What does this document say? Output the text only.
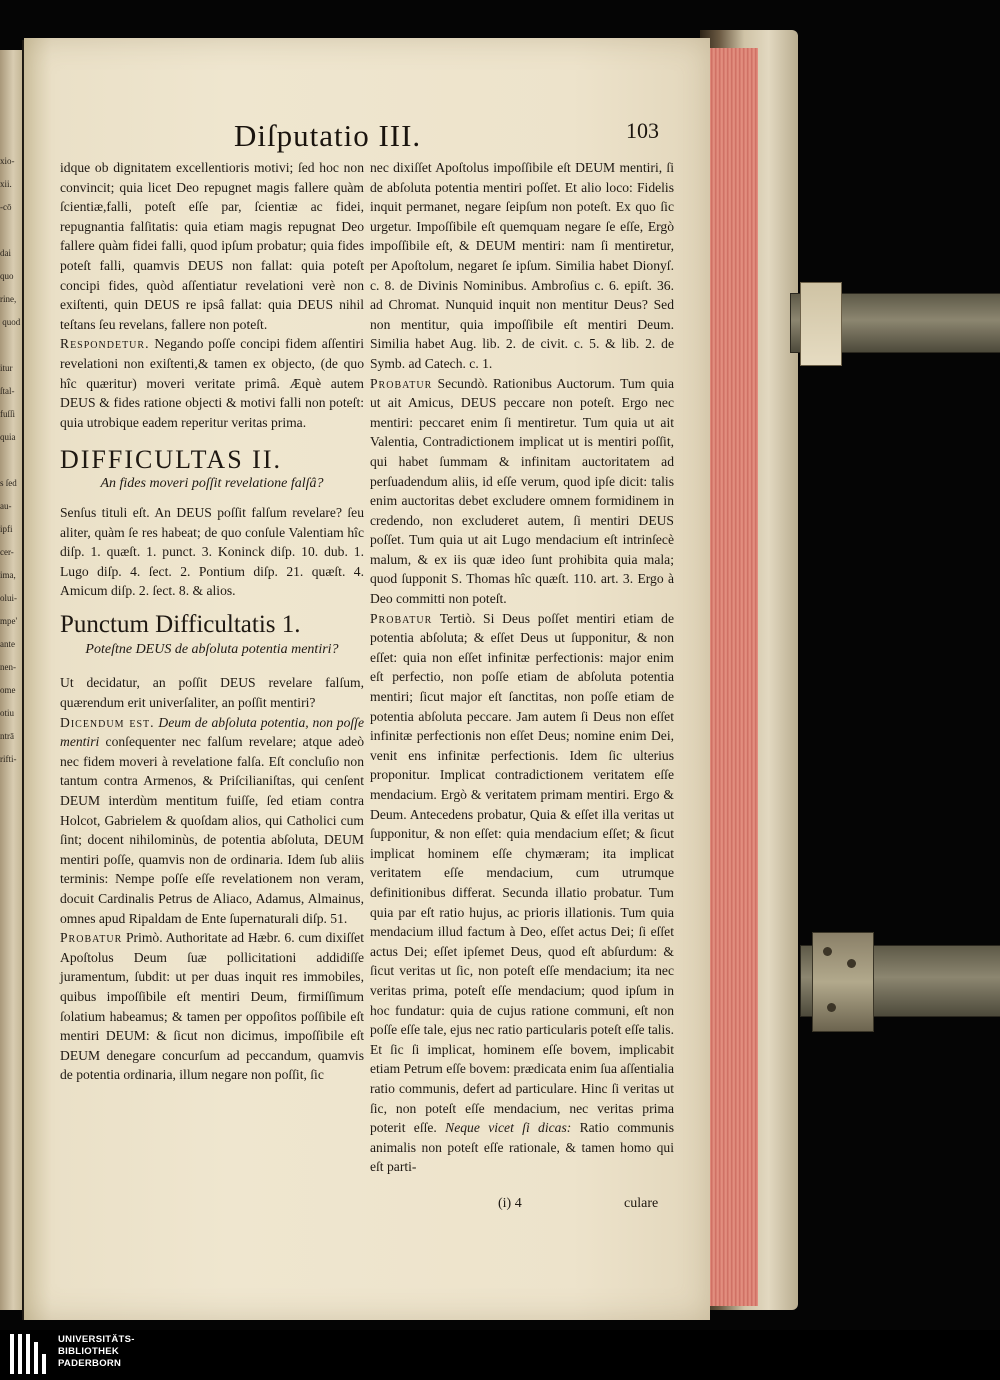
xio-
xii.
-cō

dai
quo
rine,
quod

itur
ſtal-
fuſſi
quia

s ſed
au-
ipfi
cer-
ima,
olui-
mpe'
ante
nen-
ome
otiu
ntrā
rifti-
Diſputatio III.	103

idque ob dignitatem excellentioris motivi; ſed hoc non convincit; quia licet Deo repugnet magis fallere quàm ſcientiæ,falli, poteſt eſſe par, ſcientiæ ac fidei, repugnantia falſitatis: quia etiam magis repugnat Deo fallere quàm fidei falli, quod ipſum probatur; quia fides poteſt falli, quamvis DEUS non fallat: quia poteſt concipi fides, quòd aſſentiatur revelationi verè non exiſtenti, quin DEUS re ipsâ fallat: quia DEUS nihil teſtans ſeu revelans, fallere non poteſt.

Respondetur. Negando poſſe concipi fidem aſſentiri revelationi non exiſtenti,& tamen ex objecto, (de quo hîc quæritur) moveri veritate primâ. Æquè autem DEUS & fides ratione objecti & motivi falli non poteſt: quia utrobique eadem reperitur veritas prima.

DIFFICULTAS II.
An fides moveri poſſit revelatione falſâ?

Senſus tituli eſt. An DEUS poſſit falſum revelare? ſeu aliter, quàm ſe res habeat; de quo conſule Valentiam hîc diſp. 1. quæſt. 1. punct. 3. Koninck diſp. 10. dub. 1. Lugo diſp. 4. ſect. 2. Pontium diſp. 21. quæſt. 4. Amicum diſp. 2. ſect. 8. & alios.

Punctum Difficultatis 1.
Poteſtne DEUS de abſoluta potentia mentiri?

Ut decidatur, an poſſit DEUS revelare falſum, quærendum erit univerſaliter, an poſſit mentiri?

Dicendum eſt. Deum de abſoluta potentia, non poſſe mentiri conſequenter nec falſum revelare; atque adeò nec fidem moveri à revelatione falſa. Eſt concluſio non tantum contra Armenos, & Priſcilianiſtas, qui cenſent DEUM interdùm mentitum fuiſſe, ſed etiam contra Holcot, Gabrielem & quoſdam alios, qui Catholici cum ſint; docent nihilominùs, de potentia abſoluta, DEUM mentiri poſſe, quamvis non de ordinaria. Idem ſub aliis terminis: Nempe poſſe eſſe revelationem non veram, docuit Cardinalis Petrus de Aliaco, Adamus, Almainus, omnes apud Ripaldam de Ente ſupernaturali diſp. 51.

Probatur Primò. Authoritate ad Hæbr. 6. cum dixiſſet Apoſtolus Deum ſuæ pollicitationi addidiſſe juramentum, ſubdit: ut per duas inquit res immobiles, quibus impoſſibile eſt mentiri Deum, firmiſſimum ſolatium habeamus; & tamen per oppoſitos poſſibile eſt mentiri DEUM: & ſicut non dicimus, impoſſibile eſt DEUM denegare concurſum ad peccandum, quamvis de potentia ordinaria, illum negare non poſſit, ſic

nec dixiſſet Apoſtolus impoſſibile eſt DEUM mentiri, ſi de abſoluta potentia mentiri poſſet. Et alio loco: Fidelis inquit permanet, negare ſeipſum non poteſt. Ex quo ſic urgetur. Impoſſibile eſt quemquam negare ſe eſſe, Ergò impoſſibile eſt, & DEUM mentiri: nam ſi mentiretur, per Apoſtolum, negaret ſe ipſum. Similia habet Dionyſ. c. 8. de Divinis Nominibus. Ambroſius c. 6. epiſt. 36. ad Chromat. Nunquid inquit non mentitur Deus? Sed non mentitur, quia impoſſibile eſt mentiri Deum. Similia habet Aug. lib. 2. de civit. c. 5. & lib. 2. de Symb. ad Catech. c. 1.

Probatur Secundò. Rationibus Auctorum. Tum quia ut ait Amicus, DEUS peccare non poteſt. Ergo nec mentiri: peccaret enim ſi mentiretur. Tum quia ut ait Valentia, Contradictionem implicat ut is mentiri poſſit, qui habet ſummam & infinitam auctoritatem ad perſuadendum aliis, id eſſe verum, quod ipſe dicit: talis enim auctoritas debet excludere omnem formidinem in credendo, non excluderet autem, ſi mentiri DEUS poſſet. Tum quia ut ait Lugo mendacium eſt intrinſecè malum, & ex iis quæ ideo ſunt prohibita quia mala; quod ſupponit S. Thomas hîc quæſt. 110. art. 3. Ergo à Deo committi non poteſt.

Probatur Tertiò. Si Deus poſſet mentiri etiam de potentia abſoluta; & eſſet Deus ut ſupponitur, & non eſſet: quia non eſſet infinitæ perfectionis: major enim eſt perfectio, non poſſe etiam de abſoluta potentia mentiri; ſicut major eſt ſanctitas, non poſſe etiam de potentia abſoluta peccare. Jam autem ſi Deus non eſſet infinitæ perfectionis non eſſet Deus; nomine enim Dei, venit ens infinitæ perfectionis. Idem ſic ulterius proponitur. Implicat contradictionem veritatem eſſe mendacium. Ergò & veritatem primam mentiri. Ergo & Deum. Antecedens probatur, Quia & eſſet illa veritas ut ſupponitur, & non eſſet: quia mendacium eſſet; & ſicut implicat hominem eſſe chymæram; ita implicat veritatem eſſe mendacium, cum utrumque definitionibus differat. Secunda illatio probatur. Tum quia par eſt ratio hujus, ac prioris illationis. Tum quia mendacium illud factum à Deo, eſſet actus Dei; ſi eſſet actus Dei; eſſet ipſemet Deus, quod eſt abſurdum: & ſicut veritas ut ſic, non poteſt eſſe mendacium; ita nec veritas prima, poteſt eſſe mendacium; quod ipſum in hoc fundatur: quia de cujus ratione communi, eſt non poſſe eſſe tale, ejus nec ratio particularis poteſt eſſe talis. Et ſic ſi implicat, hominem eſſe bovem, implicabit etiam Petrum eſſe bovem: prædicata enim ſua aſſentialia ratio communis, defert ad particulare. Hinc ſi veritas ut ſic, non poteſt eſſe mendacium, nec veritas prima poterit eſſe. Neque vicet ſi dicas: Ratio communis animalis non poteſt eſſe rationale, & tamen homo qui eſt parti-

(i) 4	culare
UNIVERSITÄTS-
BIBLIOTHEK
PADERBORN
